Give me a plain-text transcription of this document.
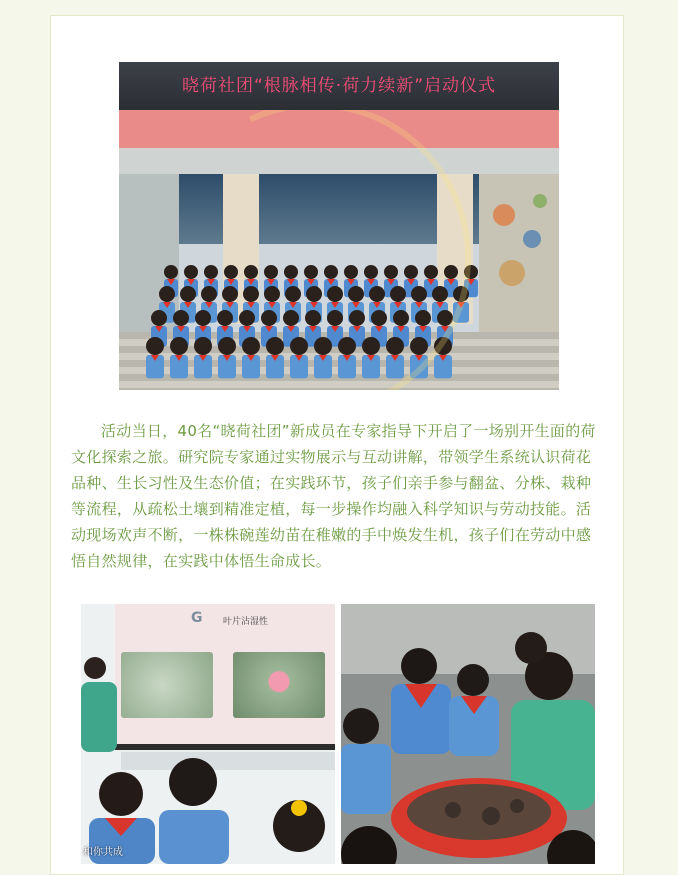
晓荷社团“根脉相传·荷力续新”启动仪式

活动当日，40名“晓荷社团”新成员在专家指导下开启了一场别开生面的荷文化探索之旅。研究院专家通过实物展示与互动讲解，带领学生系统认识荷花品种、生长习性及生态价值；在实践环节，孩子们亲手参与翻盆、分株、栽种等流程，从疏松土壤到精准定植，每一步操作均融入科学知识与劳动技能。活动现场欢声不断，一株株碗莲幼苗在稚嫩的手中焕发生机，孩子们在劳动中感悟自然规律，在实践中体悟生命成长。

G	叶片沾湿性
和你共成
